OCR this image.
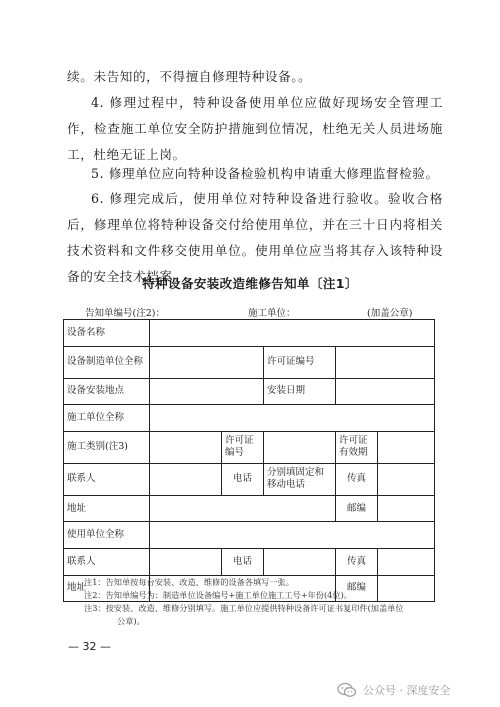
续。未告知的，不得擅自修理特种设备。。
4. 修理过程中，特种设备使用单位应做好现场安全管理工作，检查施工单位安全防护措施到位情况，杜绝无关人员进场施工，杜绝无证上岗。
5. 修理单位应向特种设备检验机构申请重大修理监督检验。
6. 修理完成后，使用单位对特种设备进行验收。验收合格后，修理单位将特种设备交付给使用单位，并在三十日内将相关技术资料和文件移交使用单位。使用单位应当将其存入该特种设备的安全技术档案。
特种设备安装改造维修告知单〔注1〕
告知单编号(注2)：	施工单位：	(加盖公章)
设备名称					
设备制造单位全称			许可证编号		
设备安装地点			安装日期		
施工单位全称					
施工类别(注3)		许可证编号		许可证有效期	
联系人		电话	分别填固定和移动电话	传真	
地址				邮编	
使用单位全称					
联系人		电话		传真	
地址				邮编	
注1：告知单按每台安装、改造、维修的设备各填写一张。
注2：告知单编号为：制造单位设备编号+施工单位施工工号+年份(4位)。
注3：按安装、改造、维修分别填写。施工单位应提供特种设备许可证书复印件(加盖单位
公章)。
— 32 —
公众号 · 深度安全
